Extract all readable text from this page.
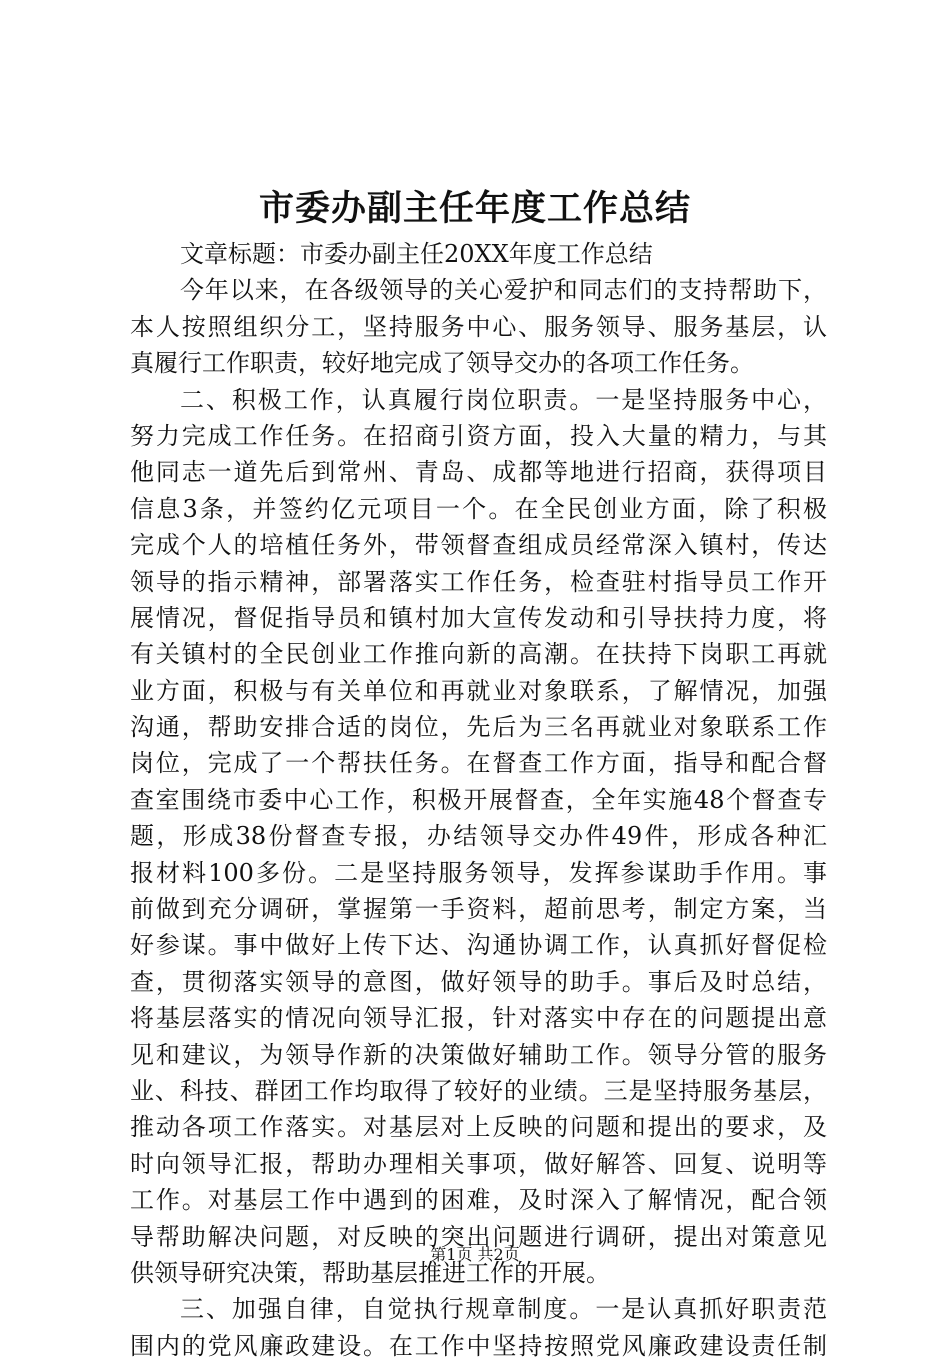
市委办副主任年度工作总结
文章标题：市委办副主任20XX年度工作总结
今年以来，在各级领导的关心爱护和同志们的支持帮助下，
本人按照组织分工，坚持服务中心、服务领导、服务基层，认
真履行工作职责，较好地完成了领导交办的各项工作任务。
二、积极工作，认真履行岗位职责。一是坚持服务中心，
努力完成工作任务。在招商引资方面，投入大量的精力，与其
他同志一道先后到常州、青岛、成都等地进行招商，获得项目
信息3条，并签约亿元项目一个。在全民创业方面，除了积极
完成个人的培植任务外，带领督查组成员经常深入镇村，传达
领导的指示精神，部署落实工作任务，检查驻村指导员工作开
展情况，督促指导员和镇村加大宣传发动和引导扶持力度，将
有关镇村的全民创业工作推向新的高潮。在扶持下岗职工再就
业方面，积极与有关单位和再就业对象联系，了解情况，加强
沟通，帮助安排合适的岗位，先后为三名再就业对象联系工作
岗位，完成了一个帮扶任务。在督查工作方面，指导和配合督
查室围绕市委中心工作，积极开展督查，全年实施48个督查专
题，形成38份督查专报，办结领导交办件49件，形成各种汇
报材料100多份。二是坚持服务领导，发挥参谋助手作用。事
前做到充分调研，掌握第一手资料，超前思考，制定方案，当
好参谋。事中做好上传下达、沟通协调工作，认真抓好督促检
查，贯彻落实领导的意图，做好领导的助手。事后及时总结，
将基层落实的情况向领导汇报，针对落实中存在的问题提出意
见和建议，为领导作新的决策做好辅助工作。领导分管的服务
业、科技、群团工作均取得了较好的业绩。三是坚持服务基层，
推动各项工作落实。对基层对上反映的问题和提出的要求，及
时向领导汇报，帮助办理相关事项，做好解答、回复、说明等
工作。对基层工作中遇到的困难，及时深入了解情况，配合领
导帮助解决问题，对反映的突出问题进行调研，提出对策意见
供领导研究决策，帮助基层推进工作的开展。
三、加强自律，自觉执行规章制度。一是认真抓好职责范
围内的党风廉政建设。在工作中坚持按照党风廉政建设责任制
第1页 共2页
